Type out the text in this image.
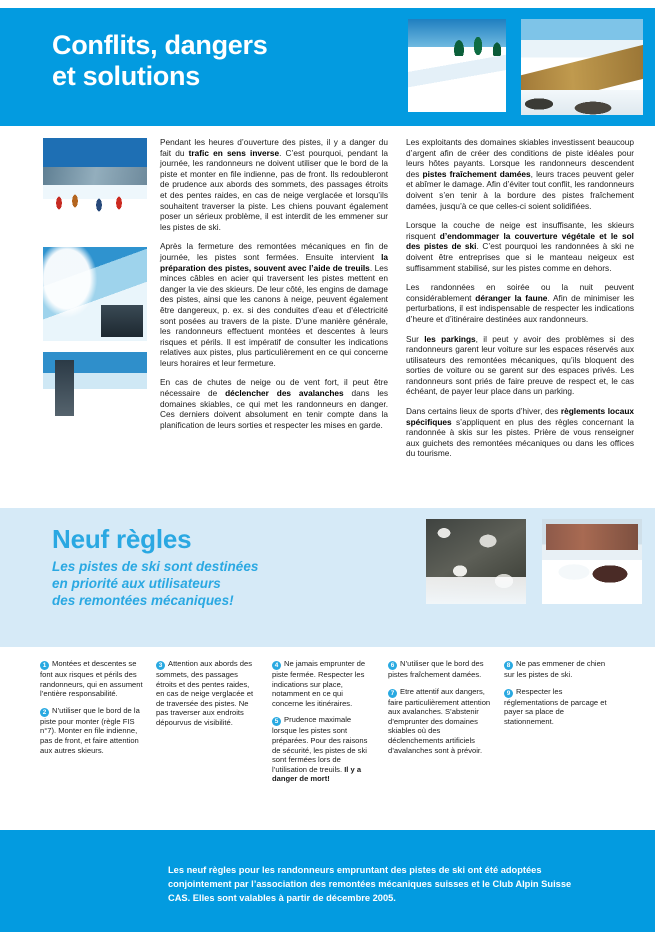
Conflits, dangers
et solutions

Pendant les heures d’ouverture des pistes, il y a danger du fait du trafic en sens inverse. C’est pourquoi, pendant la journée, les randonneurs ne doivent utiliser que le bord de la piste et monter en file indienne, pas de front. Ils redoubleront de prudence aux abords des sommets, des passages étroits et des pentes raides, en cas de neige verglacée et lorsqu’ils souhaitent traverser la piste. Les chiens pouvant également poser un sérieux problème, il est interdit de les emmener sur les pistes de ski.

Après la fermeture des remontées mécaniques en fin de journée, les pistes sont fermées. Ensuite intervient la préparation des pistes, souvent avec l’aide de treuils. Les minces câbles en acier qui traversent les pistes mettent en danger la vie des skieurs. De leur côté, les engins de damage des pistes, ainsi que les canons à neige, peuvent également être dangereux, p. ex. si des conduites d’eau et d’électricité sont posées au travers de la piste. D’une manière générale, les randonneurs effectuent montées et descentes à leurs risques et périls. Il est impératif de consulter les indications relatives aux pistes, plus particulièrement en ce qui concerne leurs horaires et leur fermeture.

En cas de chutes de neige ou de vent fort, il peut être nécessaire de déclencher des avalanches dans les domaines skiables, ce qui met les randonneurs en danger. Ces derniers doivent absolument en tenir compte dans la planification de leurs sorties et respecter les mises en garde.

Les exploitants des domaines skiables investissent beaucoup d’argent afin de créer des conditions de piste idéales pour leurs hôtes payants. Lorsque les randonneurs descendent des pistes fraîchement damées, leurs traces peuvent geler et abîmer le damage. Afin d’éviter tout conflit, les randonneurs doivent s’en tenir à la bordure des pistes fraîchement damées, jusqu’à ce que celles-ci soient solidifiées.

Lorsque la couche de neige est insuffisante, les skieurs risquent d’endommager la couverture végétale et le sol des pistes de ski. C’est pourquoi les randonnées à ski ne doivent être entreprises que si le manteau neigeux est suffisamment stabilisé, sur les pistes comme en dehors.

Les randonnées en soirée ou la nuit peuvent considérablement déranger la faune. Afin de minimiser les perturbations, il est indispensable de respecter les indications d’heure et d’itinéraire destinées aux randonneurs.

Sur les parkings, il peut y avoir des problèmes si des randonneurs garent leur voiture sur les espaces réservés aux utilisateurs des remontées mécaniques, qu’ils bloquent des sorties de voiture ou se garent sur des espaces privés. Les randonneurs sont priés de faire preuve de respect et, le cas échéant, de payer leur place dans un parking.

Dans certains lieux de sports d’hiver, des règlements locaux spécifiques s’appliquent en plus des règles concernant la randonnée à skis sur les pistes. Prière de vous renseigner aux guichets des remontées mécaniques ou dans les offices du tourisme.

Neuf règles
Les pistes de ski sont destinées
en priorité aux utilisateurs
des remontées mécaniques!

1 Montées et descentes se font aux risques et périls des randonneurs, qui en assument l’entière responsabilité.

2 N’utiliser que le bord de la piste pour monter (règle FIS n°7). Monter en file indienne, pas de front, et faire attention aux autres skieurs.

3 Attention aux abords des sommets, des passages étroits et des pentes raides, en cas de neige verglacée et de traversée des pistes. Ne pas traverser aux endroits dépourvus de visibilité.

4 Ne jamais emprunter de piste fermée. Respecter les indications sur place, notamment en ce qui concerne les itinéraires.

5 Prudence maximale lorsque les pistes sont préparées. Pour des raisons de sécurité, les pistes de ski sont fermées lors de l’utilisation de treuils. Il y a danger de mort!

6 N’utiliser que le bord des pistes fraîchement damées.

7 Etre attentif aux dangers, faire particulièrement attention aux avalanches. S’abstenir d’emprunter des domaines skiables où des déclenchements artificiels d’avalanches sont à prévoir.

8 Ne pas emmener de chien sur les pistes de ski.

9 Respecter les réglementations de parcage et payer sa place de stationnement.

Les neuf règles pour les randonneurs empruntant des pistes de ski ont été adoptées conjointement par l’association des remontées mécaniques suisses et le Club Alpin Suisse CAS. Elles sont valables à partir de décembre 2005.
